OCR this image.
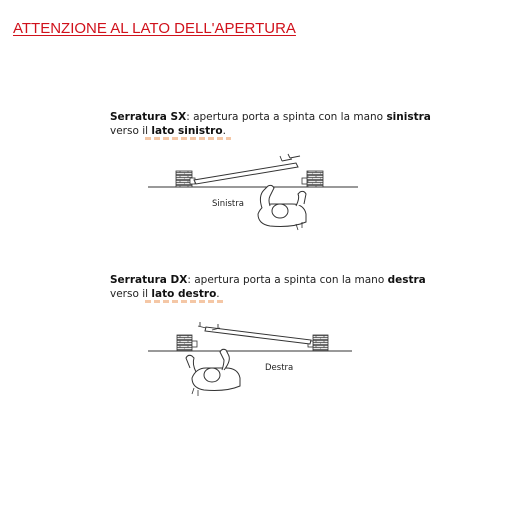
ATTENZIONE AL LATO DELL'APERTURA
Serratura SX: apertura porta a spinta con la mano sinistra
verso il lato sinistro.
Serratura DX: apertura porta a spinta con la mano destra
verso il lato destro.
Sinistra
Destra
